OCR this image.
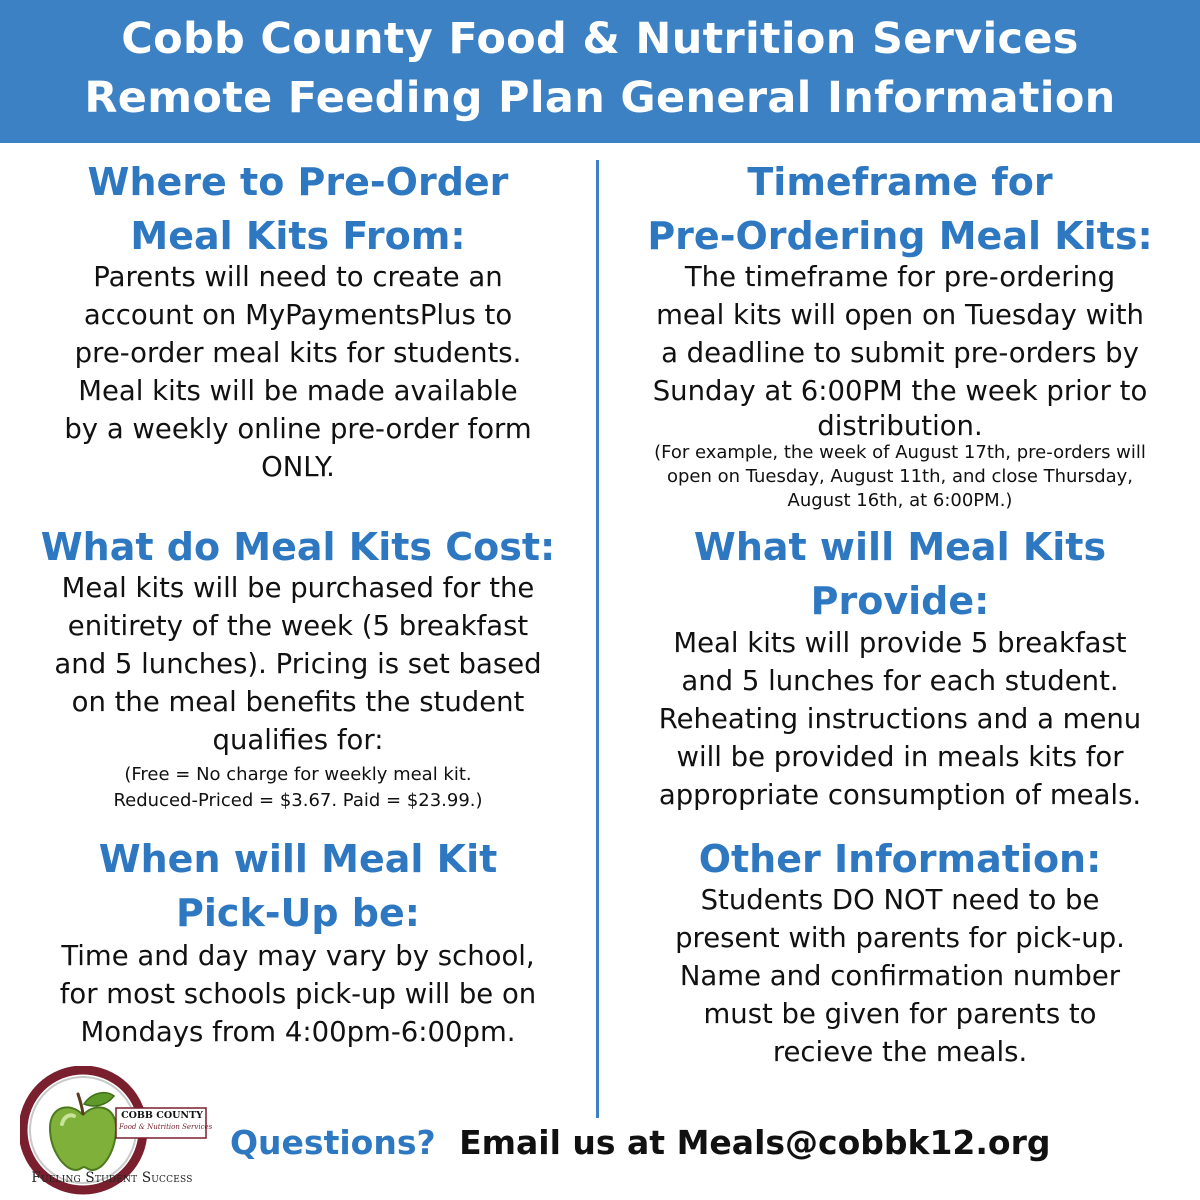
Cobb County Food & Nutrition Services
Remote Feeding Plan General Information
Where to Pre-Order
Meal Kits From:
Parents will need to create an
account on MyPaymentsPlus to
pre-order meal kits for students.
Meal kits will be made available
by a weekly online pre-order form
ONLY.
What do Meal Kits Cost:
Meal kits will be purchased for the
enitirety of the week (5 breakfast
and 5 lunches). Pricing is set based
on the meal benefits the student
qualifies for:
(Free = No charge for weekly meal kit.
Reduced-Priced = $3.67. Paid = $23.99.)
When will Meal Kit
Pick-Up be:
Time and day may vary by school,
for most schools pick-up will be on
Mondays from 4:00pm-6:00pm.
Timeframe for
Pre-Ordering Meal Kits:
The timeframe for pre-ordering
meal kits will open on Tuesday with
a deadline to submit pre-orders by
Sunday at 6:00PM the week prior to
distribution.
(For example, the week of August 17th, pre-orders will
open on Tuesday, August 11th, and close Thursday,
August 16th, at 6:00PM.)
What will Meal Kits
Provide:
Meal kits will provide 5 breakfast
and 5 lunches for each student.
Reheating instructions and a menu
will be provided in meals kits for
appropriate consumption of meals.
Other Information:
Students DO NOT need to be
present with parents for pick-up.
Name and confirmation number
must be given for parents to
recieve the meals.
COBB COUNTY
Food & Nutrition Services
Fueling Student Success
Questions? Email us at Meals@cobbk12.org
